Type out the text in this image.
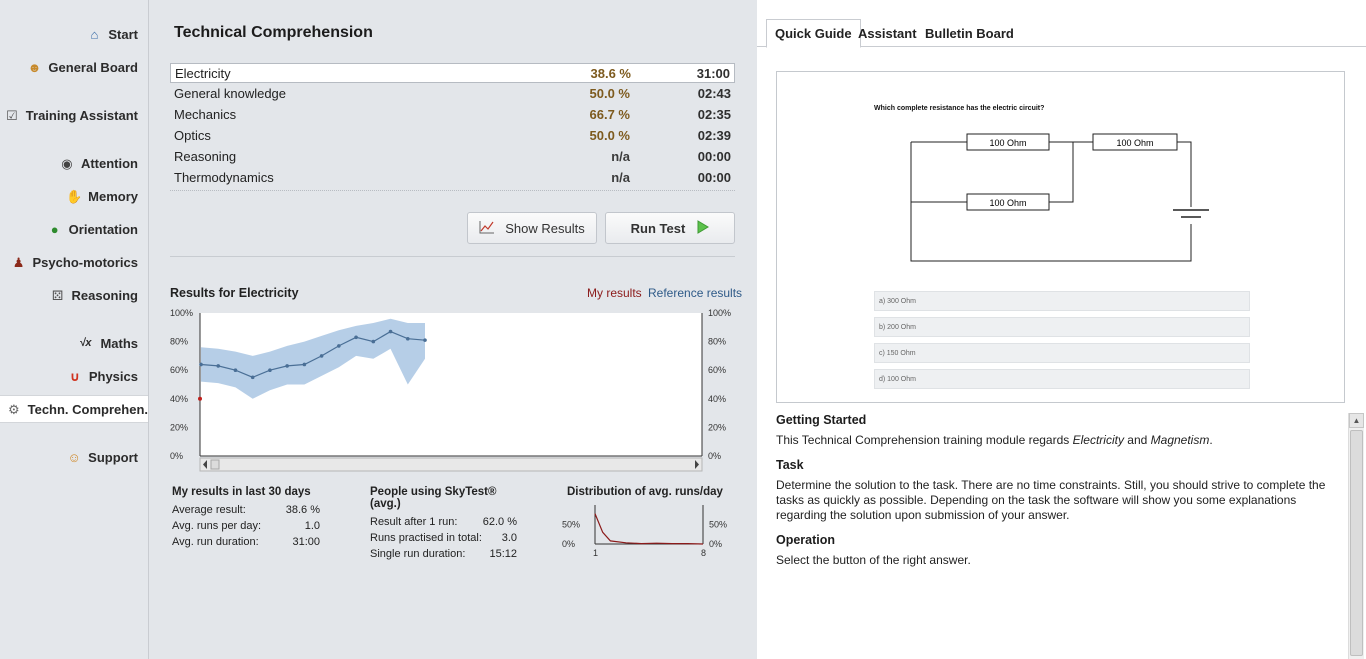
⌂ Start
☻ General Board
☑ Training Assistant
◉ Attention
✋ Memory
● Orientation
♟ Psycho-motorics
⚄ Reasoning
√x Maths
∪ Physics
⚙ Techn. Comprehen.
☺ Support
Technical Comprehension
Electricity	38.6 %	31:00
General knowledge	50.0 %	02:43
Mechanics	66.7 %	02:35
Optics	50.0 %	02:39
Reasoning	n/a	00:00
Thermodynamics	n/a	00:00
Show Results	Run Test
Results for Electricity	My results Reference results
0%	0%
20%	20%
40%	40%
60%	60%
80%	80%
100%	100%
My results in last 30 days
Average result:	38.6 %
Avg. runs per day:	1.0
Avg. run duration:	31:00
People using SkyTest® (avg.)
Result after 1 run: 62.0 %
Runs practised in total: 3.0
Single run duration: 15:12
Distribution of avg. runs/day
0%	0%
50%	50%
1	8
Quick Guide Assistant Bulletin Board
Which complete resistance has the electric circuit?
100 Ohm	100 Ohm
100 Ohm
a) 300 Ohm
b) 200 Ohm
c) 150 Ohm
d) 100 Ohm
Getting Started

This Technical Comprehension training module regards Electricity and Magnetism.

Task

Determine the solution to the task. There are no time constraints. Still, you should strive to complete the tasks as quickly as possible. Depending on the task the software will show you some explanations regarding the solution upon submission of your answer.

Operation

Select the button of the right answer.

▲
